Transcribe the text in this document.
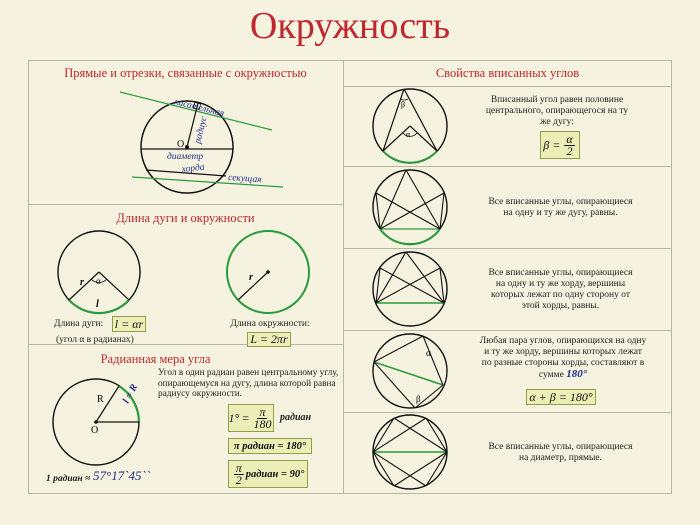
Окружность
Прямые и отрезки, связанные с окружностью
касательная
радиус
O
диаметр
хорда
секущая
Длина дуги и окружности
r α
l
r
Длина дуги: l = αr
(угол α в радианах)
Длина окружности:
L = 2πr
Радианная мера угла
R
O
l = R
Угол в один радиан равен центральному углу, опирающемуся на дугу, длина которой равна радиусу окружности.
$1^\circ = \frac{\pi}{180}$ радиан
π радиан = 180°
$\frac{\pi}{2}$ радиан = 90°
1 радиан ≈ 57°17`45``
Свойства вписанных углов
β
α
α
β
Вписанный угол равен половине центрального, опирающегося на ту же дугу:
$\beta = \frac{\alpha}{2}$
Все вписанные углы, опирающиеся на одну и ту же дугу, равны.
Все вписанные углы, опирающиеся на одну и ту же хорду, вершины которых лежат по одну сторону от этой хорды, равны.
Любая пара углов, опирающихся на одну и ту же хорду, вершины которых лежат по разные стороны хорды, составляют в сумме 180°
α + β = 180°
Все вписанные углы, опирающиеся на диаметр, прямые.
